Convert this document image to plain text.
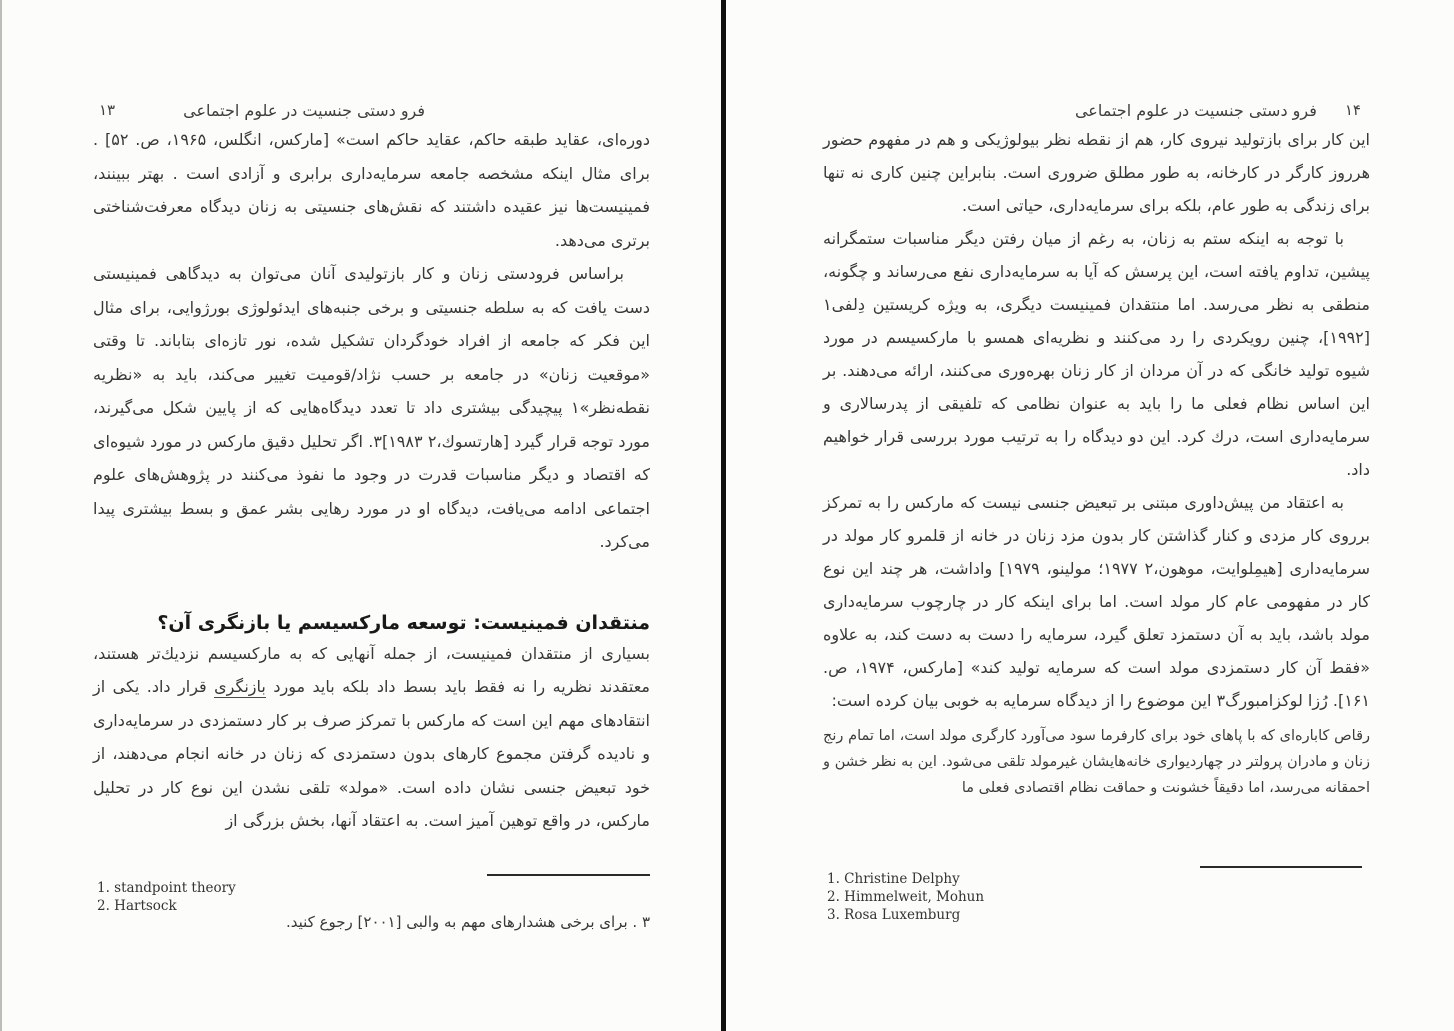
۱۳	فرو دستی جنسیت در علوم اجتماعی

دوره‌ای، عقاید طبقه حاکم، عقاید حاکم است» [مارکس، انگلس، ۱۹۶۵، ص. ۵۲] . برای مثال اینکه مشخصه جامعه سرمایه‌داری برابری و آزادی است . بهتر ببینند، فمینیست‌ها نیز عقیده داشتند که نقش‌های جنسیتی به زنان دیدگاه معرفت‌شناختی برتری می‌دهد.

براساس فرودستی زنان و کار بازتولیدی آنان می‌توان به دیدگاهی فمینیستی دست یافت که به سلطه جنسیتی و برخی جنبه‌های ایدئولوژی بورژوایی، برای مثال این فکر که جامعه از افراد خودگردان تشکیل شده، نور تازه‌ای بتاباند. تا وقتی «موقعیت زنان» در جامعه بر حسب نژاد/قومیت تغییر می‌کند، باید به «نظریه نقطه‌نظر»۱ پیچیدگی بیشتری داد تا تعدد دیدگاه‌هایی که از پایین شکل می‌گیرند، مورد توجه قرار گیرد [هارتسوك،۲ ۱۹۸۳]۳. اگر تحلیل دقیق مارکس در مورد شیوه‌ای که اقتصاد و دیگر مناسبات قدرت در وجود ما نفوذ می‌کنند در پژوهش‌های علوم اجتماعی ادامه می‌یافت، دیدگاه او در مورد رهایی بشر عمق و بسط بیشتری پیدا می‌کرد.

منتقدان فمینیست: توسعه مارکسیسم یا بازنگری آن؟

بسیاری از منتقدان فمینیست، از جمله آنهایی که به مارکسیسم نزدیك‌تر هستند، معتقدند نظریه را نه فقط باید بسط داد بلکه باید مورد بازنگری قرار داد. یکی از انتقادهای مهم این است که مارکس با تمرکز صرف بر کار دستمزدی در سرمایه‌داری و نادیده گرفتن مجموع کارهای بدون دستمزدی که زنان در خانه انجام می‌دهند، از خود تبعیض جنسی نشان داده است. «مولد» تلقی نشدن این نوع کار در تحلیل مارکس، در واقع توهین آمیز است. به اعتقاد آنها، بخش بزرگی از

1. standpoint theory
2. Hartsock
۳ . برای برخی هشدارهای مهم به والبی [۲۰۰۱] رجوع کنید.
فرو دستی جنسیت در علوم اجتماعی ۱۴

این کار برای بازتولید نیروی کار، هم از نقطه نظر بیولوژیکی و هم در مفهوم حضور هرروز کارگر در کارخانه، به طور مطلق ضروری است. بنابراین چنین کاری نه تنها برای زندگی به طور عام، بلکه برای سرمایه‌داری، حیاتی است.

با توجه به اینکه ستم به زنان، به رغم از میان رفتن دیگر مناسبات ستمگرانه پیشین، تداوم یافته است، این پرسش که آیا به سرمایه‌داری نفع می‌رساند و چگونه، منطقی به نظر می‌رسد. اما منتقدان فمینیست دیگری، به ویژه کریستین دِلفی۱ [۱۹۹۲]، چنین رویکردی را رد می‌کنند و نظریه‌ای همسو با مارکسیسم در مورد شیوه تولید خانگی که در آن مردان از کار زنان بهره‌وری می‌کنند، ارائه می‌دهند. بر این اساس نظام فعلی ما را باید به عنوان نظامی که تلفیقی از پدرسالاری و سرمایه‌داری است، درك کرد. این دو دیدگاه را به ترتیب مورد بررسی قرار خواهیم داد.

به اعتقاد من پیش‌داوری مبتنی بر تبعیض جنسی نیست که مارکس را به تمرکز برروی کار مزدی و کنار گذاشتن کار بدون مزد زنان در خانه از قلمرو کار مولد در سرمایه‌داری [هیمِلوایت، موهون،۲ ۱۹۷۷؛ مولینو، ۱۹۷۹] واداشت، هر چند این نوع کار در مفهومی عام کار مولد است. اما برای اینکه کار در چارچوب سرمایه‌داری مولد باشد، باید به آن دستمزد تعلق گیرد، سرمایه را دست به دست کند، به علاوه «فقط آن کار دستمزدی مولد است که سرمایه تولید کند» [مارکس، ۱۹۷۴، ص. ۱۶۱]. رُزا لوکزامبورگ۳ این موضوع را از دیدگاه سرمایه به خوبی بیان کرده است:

رقاص کاباره‌ای که با پاهای خود برای کارفرما سود می‌آورد کارگری مولد است، اما تمام رنج زنان و مادران پرولتر در چهاردیواری خانه‌هایشان غیرمولد تلقی می‌شود. این به نظر خشن و احمقانه می‌رسد، اما دقیقاً خشونت و حماقت نظام اقتصادی فعلی ما

1. Christine Delphy
2. Himmelweit, Mohun
3. Rosa Luxemburg
